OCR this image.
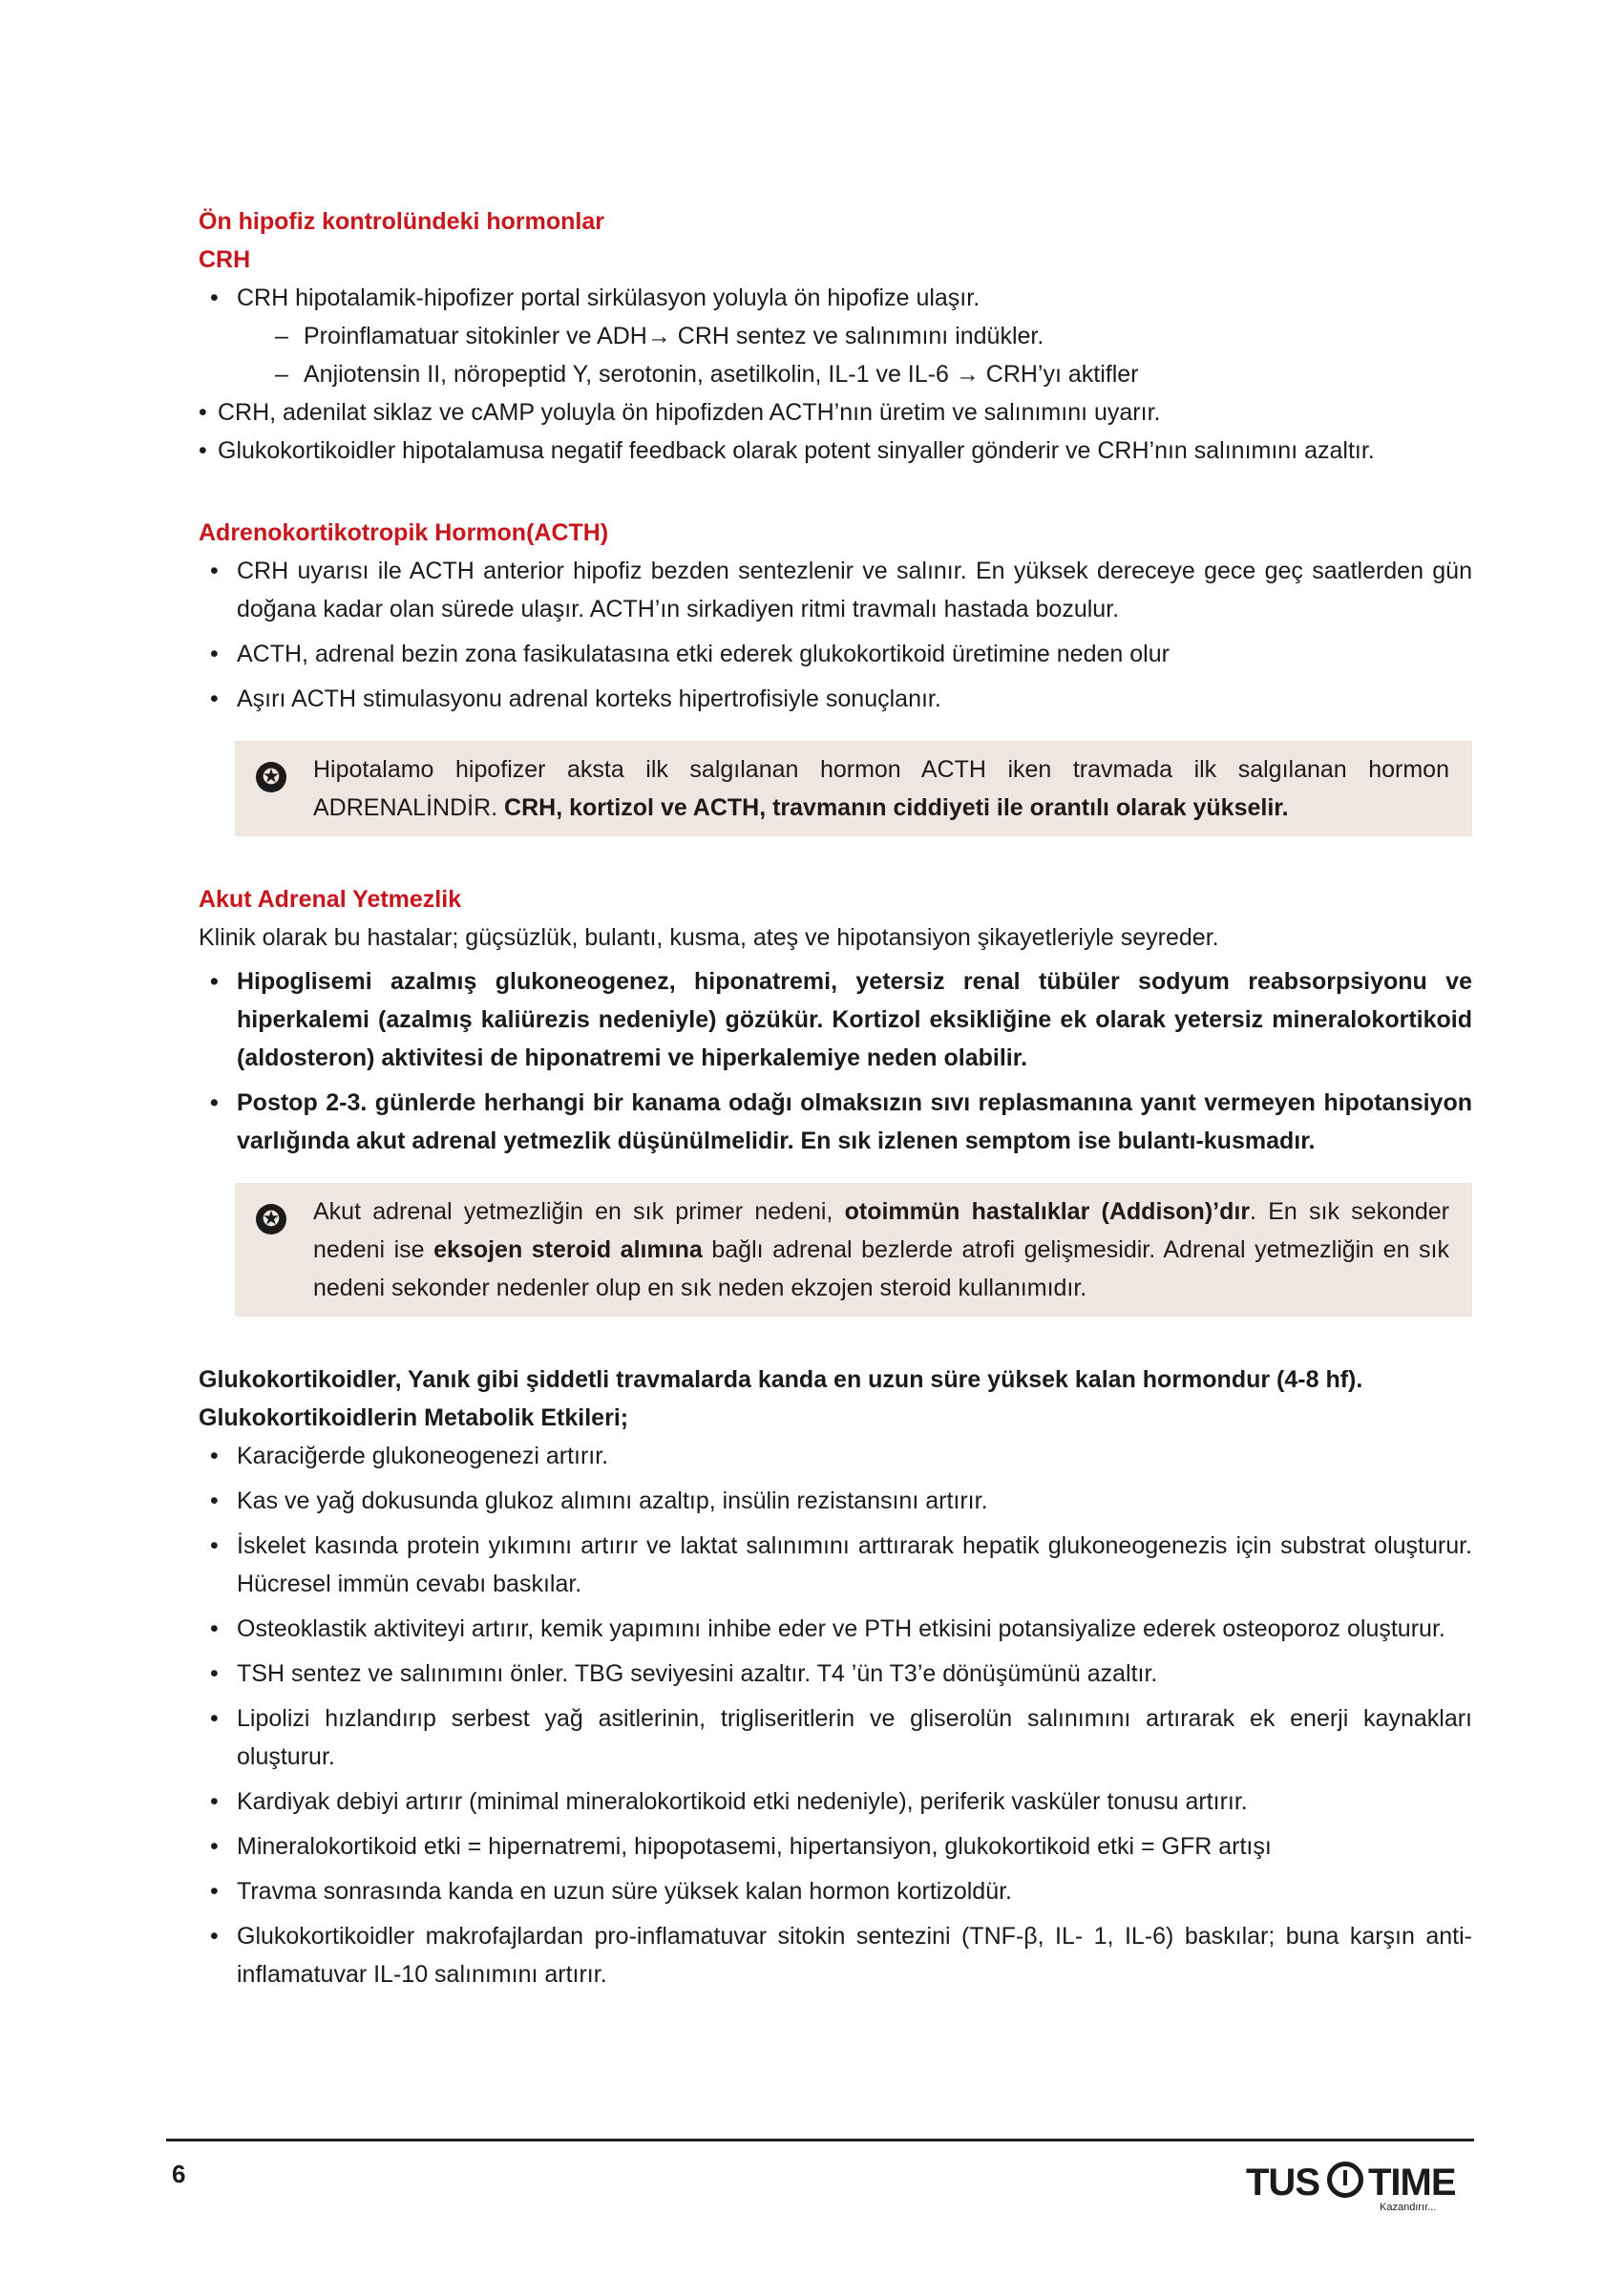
Ön hipofiz kontrolündeki hormonlar

CRH

• CRH hipotalamik-hipofizer portal sirkülasyon yoluyla ön hipofize ulaşır.
– Proinflamatuar sitokinler ve ADH→ CRH sentez ve salınımını indükler.
– Anjiotensin II, nöropeptid Y, serotonin, asetilkolin, IL-1 ve IL-6 → CRH’yı aktifler
• CRH, adenilat siklaz ve cAMP yoluyla ön hipofizden ACTH’nın üretim ve salınımını uyarır.
• Glukokortikoidler hipotalamusa negatif feedback olarak potent sinyaller gönderir ve CRH’nın salınımını azaltır.

Adrenokortikotropik Hormon(ACTH)

• CRH uyarısı ile ACTH anterior hipofiz bezden sentezlenir ve salınır. En yüksek dereceye gece geç saatlerden gün doğana kadar olan sürede ulaşır. ACTH’ın sirkadiyen ritmi travmalı hastada bozulur.
• ACTH, adrenal bezin zona fasikulatasına etki ederek glukokortikoid üretimine neden olur
• Aşırı ACTH stimulasyonu adrenal korteks hipertrofisiyle sonuçlanır.
✪ Hipotalamo hipofizer aksta ilk salgılanan hormon ACTH iken travmada ilk salgılanan hormon ADRENALİNDİR. CRH, kortizol ve ACTH, travmanın ciddiyeti ile orantılı olarak yükselir.

Akut Adrenal Yetmezlik

Klinik olarak bu hastalar; güçsüzlük, bulantı, kusma, ateş ve hipotansiyon şikayetleriyle seyreder.

• Hipoglisemi azalmış glukoneogenez, hiponatremi, yetersiz renal tübüler sodyum reabsorpsiyonu ve hiperkalemi (azalmış kaliürezis nedeniyle) gözükür. Kortizol eksikliğine ek olarak yetersiz mineralokortikoid (aldosteron) aktivitesi de hiponatremi ve hiperkalemiye neden olabilir.
• Postop 2-3. günlerde herhangi bir kanama odağı olmaksızın sıvı replasmanına yanıt vermeyen hipotansiyon varlığında akut adrenal yetmezlik düşünülmelidir. En sık izlenen semptom ise bulantı-kusmadır.
✪ Akut adrenal yetmezliğin en sık primer nedeni, otoimmün hastalıklar (Addison)’dır. En sık sekonder nedeni ise eksojen steroid alımına bağlı adrenal bezlerde atrofi gelişmesidir. Adrenal yetmezliğin en sık nedeni sekonder nedenler olup en sık neden ekzojen steroid kullanımıdır.

Glukokortikoidler, Yanık gibi şiddetli travmalarda kanda en uzun süre yüksek kalan hormondur (4-8 hf).

Glukokortikoidlerin Metabolik Etkileri;

• Karaciğerde glukoneogenezi artırır.
• Kas ve yağ dokusunda glukoz alımını azaltıp, insülin rezistansını artırır.
• İskelet kasında protein yıkımını artırır ve laktat salınımını arttırarak hepatik glukoneogenezis için substrat oluşturur. Hücresel immün cevabı baskılar.
• Osteoklastik aktiviteyi artırır, kemik yapımını inhibe eder ve PTH etkisini potansiyalize ederek osteoporoz oluşturur.
• TSH sentez ve salınımını önler. TBG seviyesini azaltır. T4 ’ün T3’e dönüşümünü azaltır.
• Lipolizi hızlandırıp serbest yağ asitlerinin, trigliseritlerin ve gliserolün salınımını artırarak ek enerji kaynakları oluşturur.
• Kardiyak debiyi artırır (minimal mineralokortikoid etki nedeniyle), periferik vasküler tonusu artırır.
• Mineralokortikoid etki = hipernatremi, hipopotasemi, hipertansiyon, glukokortikoid etki = GFR artışı
• Travma sonrasında kanda en uzun süre yüksek kalan hormon kortizoldür.
• Glukokortikoidler makrofajlardan pro-inflamatuvar sitokin sentezini (TNF-β, IL- 1, IL-6) baskılar; buna karşın anti-inflamatuvar IL-10 salınımını artırır.
6	TUS TIME
Kazandırır...
